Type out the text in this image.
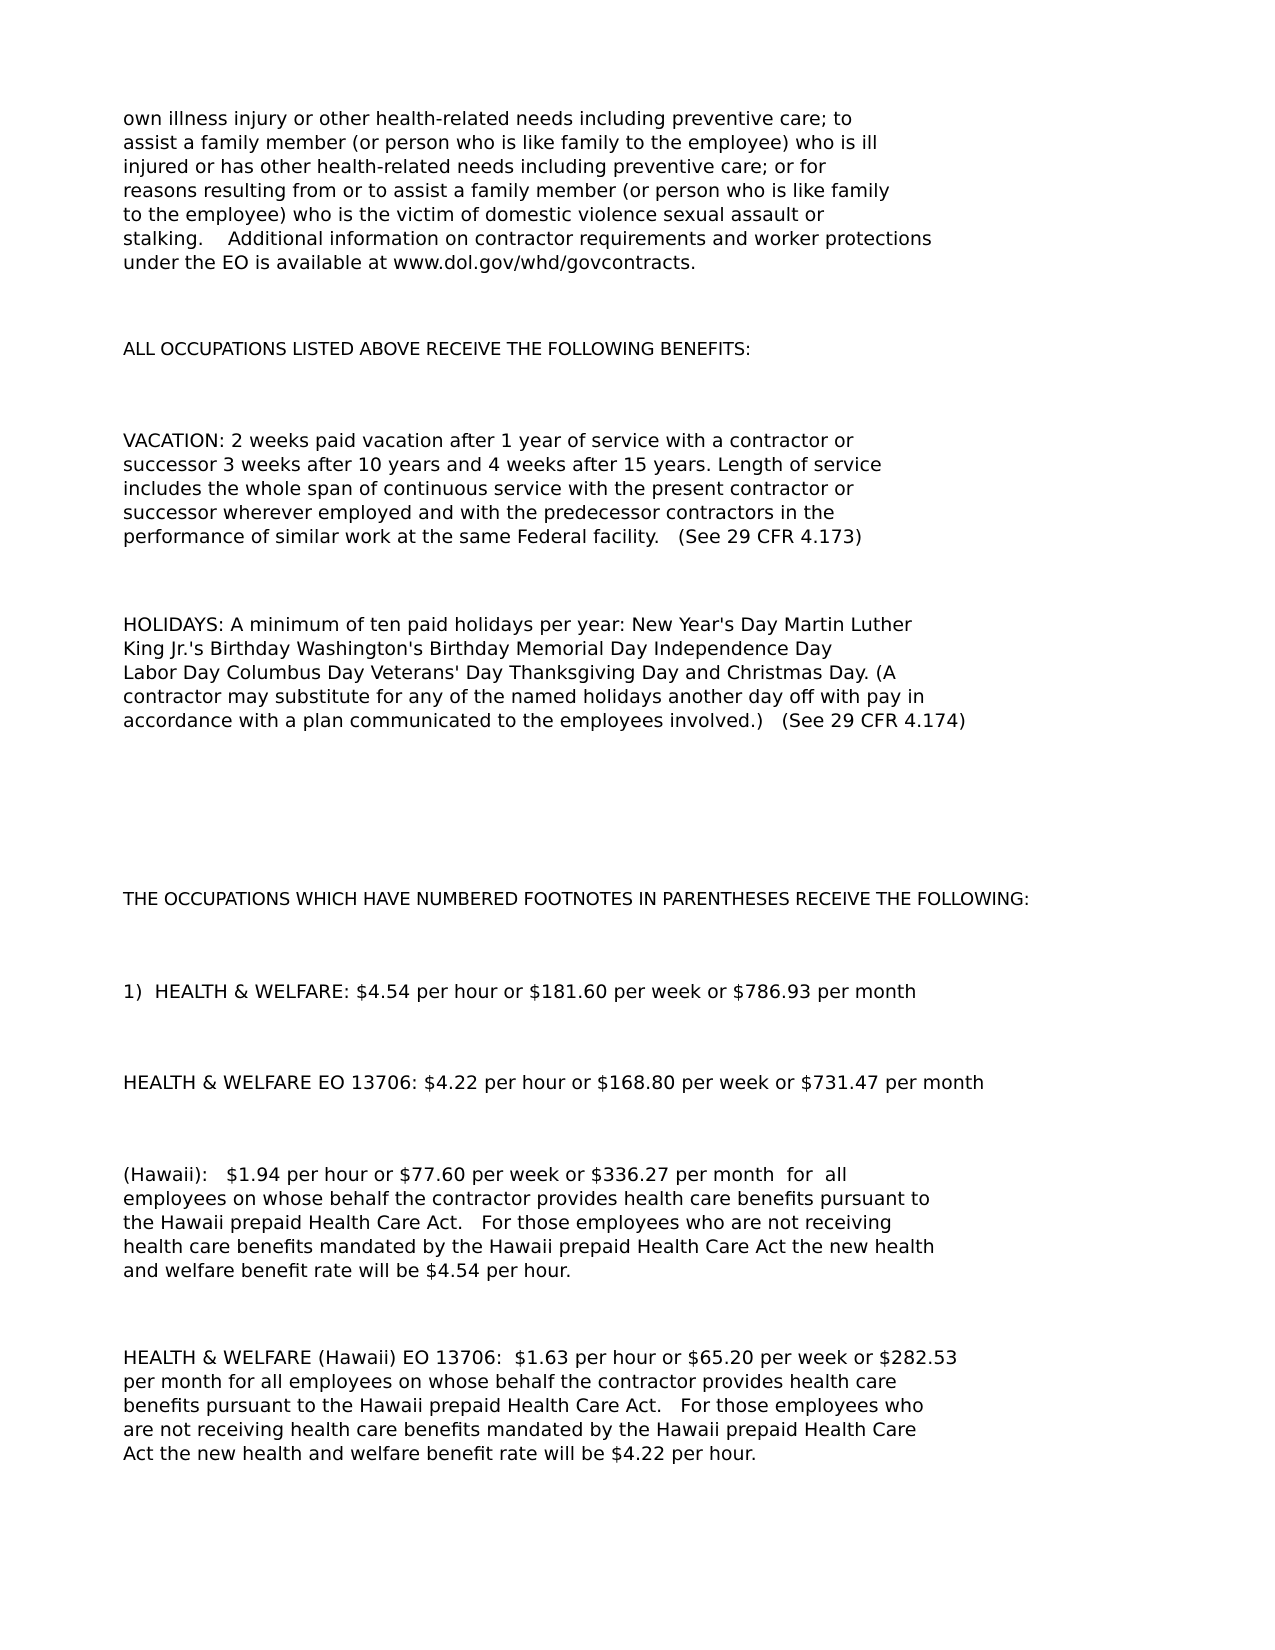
own illness injury or other health-related needs including preventive care; to
assist a family member (or person who is like family to the employee) who is ill
injured or has other health-related needs including preventive care; or for
reasons resulting from or to assist a family member (or person who is like family
to the employee) who is the victim of domestic violence sexual assault or
stalking.    Additional information on contractor requirements and worker protections
under the EO is available at www.dol.gov/whd/govcontracts.
ALL OCCUPATIONS LISTED ABOVE RECEIVE THE FOLLOWING BENEFITS:
VACATION: 2 weeks paid vacation after 1 year of service with a contractor or
successor 3 weeks after 10 years and 4 weeks after 15 years. Length of service
includes the whole span of continuous service with the present contractor or
successor wherever employed and with the predecessor contractors in the
performance of similar work at the same Federal facility.   (See 29 CFR 4.173)
HOLIDAYS: A minimum of ten paid holidays per year: New Year's Day Martin Luther
King Jr.'s Birthday Washington's Birthday Memorial Day Independence Day
Labor Day Columbus Day Veterans' Day Thanksgiving Day and Christmas Day. (A
contractor may substitute for any of the named holidays another day off with pay in
accordance with a plan communicated to the employees involved.)   (See 29 CFR 4.174)
THE OCCUPATIONS WHICH HAVE NUMBERED FOOTNOTES IN PARENTHESES RECEIVE THE FOLLOWING:
1)  HEALTH & WELFARE: $4.54 per hour or $181.60 per week or $786.93 per month
HEALTH & WELFARE EO 13706: $4.22 per hour or $168.80 per week or $731.47 per month
(Hawaii):   $1.94 per hour or $77.60 per week or $336.27 per month  for  all
employees on whose behalf the contractor provides health care benefits pursuant to
the Hawaii prepaid Health Care Act.   For those employees who are not receiving
health care benefits mandated by the Hawaii prepaid Health Care Act the new health
and welfare benefit rate will be $4.54 per hour.
HEALTH & WELFARE (Hawaii) EO 13706:  $1.63 per hour or $65.20 per week or $282.53
per month for all employees on whose behalf the contractor provides health care
benefits pursuant to the Hawaii prepaid Health Care Act.   For those employees who
are not receiving health care benefits mandated by the Hawaii prepaid Health Care
Act the new health and welfare benefit rate will be $4.22 per hour.
